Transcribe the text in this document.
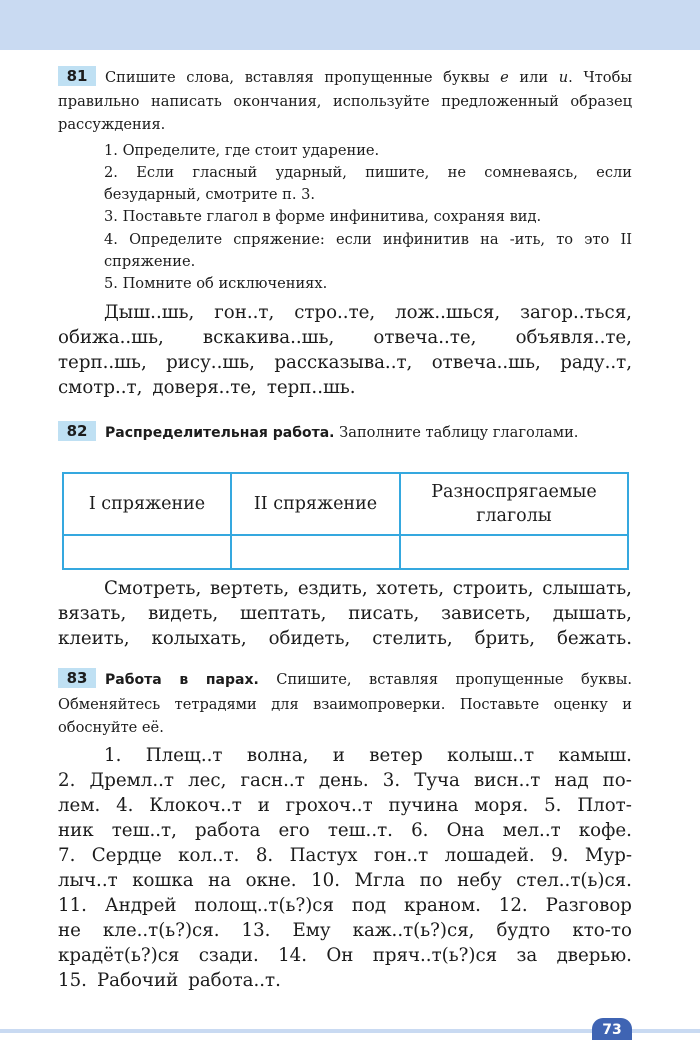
81 Спишите слова, вставляя пропущенные буквы е или и. Чтобы правильно написать окончания, используйте предложенный образец рассуждения.
1. Определите, где стоит ударение.
2. Если гласный ударный, пишите, не сомневаясь, если безударный, смотрите п. 3.
3. Поставьте глагол в форме инфинитива, сохраняя вид.
4. Определите спряжение: если инфинитив на -ить, то это II спряжение.
5. Помните об исключениях.
Дыш..шь, гон..т, стро..те, лож..шься, загор..ться,
обижа..шь, вскакива..шь, отвеча..те, объявля..те,
терп..шь, рису..шь, рассказыва..т, отвеча..шь, раду..т,
смотр..т, доверя..те, терп..шь.
82 Распределительная работа. Заполните таблицу глаголами.
I спряжение	II спряжение	Разноспрягаемые глаголы

Смотреть, вертеть, ездить, хотеть, строить, слышать,
вязать, видеть, шептать, писать, зависеть, дышать,
клеить, колыхать, обидеть, стелить, брить, бежать.
83 Работа в парах. Спишите, вставляя пропущенные буквы. Обменяйтесь тетрадями для взаимопроверки. Поставьте оценку и обоснуйте её.
1. Плещ..т волна, и ветер колыш..т камыш.
2. Дремл..т лес, гасн..т день. 3. Туча висн..т над по-
лем. 4. Клокоч..т и грохоч..т пучина моря. 5. Плот-
ник теш..т, работа его теш..т. 6. Она мел..т кофе.
7. Сердце кол..т. 8. Пастух гон..т лошадей. 9. Мур-
лыч..т кошка на окне. 10. Мгла по небу стел..т(ь)ся.
11. Андрей полощ..т(ь?)ся под краном. 12. Разговор
не кле..т(ь?)ся. 13. Ему каж..т(ь?)ся, будто кто-то
крадёт(ь?)ся сзади. 14. Он пряч..т(ь?)ся за дверью.
15. Рабочий работа..т.
73
